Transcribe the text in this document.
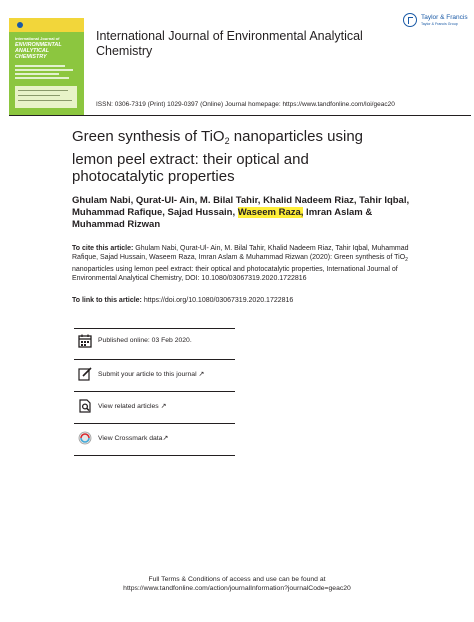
International Journal of
ENVIRONMENTAL
ANALYTICAL
CHEMISTRY
Taylor & Francis
Taylor & Francis Group
International Journal of Environmental Analytical Chemistry
ISSN: 0306-7319 (Print) 1029-0397 (Online) Journal homepage: https://www.tandfonline.com/loi/geac20
Green synthesis of TiO$_2$ nanoparticles using lemon peel extract: their optical and photocatalytic properties
Ghulam Nabi, Qurat-Ul- Ain, M. Bilal Tahir, Khalid Nadeem Riaz, Tahir Iqbal, Muhammad Rafique, Sajad Hussain, Waseem Raza, Imran Aslam & Muhammad Rizwan
To cite this article: Ghulam Nabi, Qurat-Ul- Ain, M. Bilal Tahir, Khalid Nadeem Riaz, Tahir Iqbal, Muhammad Rafique, Sajad Hussain, Waseem Raza, Imran Aslam & Muhammad Rizwan (2020): Green synthesis of TiO$_2$ nanoparticles using lemon peel extract: their optical and photocatalytic properties, International Journal of Environmental Analytical Chemistry, DOI: 10.1080/03067319.2020.1722816
To link to this article: https://doi.org/10.1080/03067319.2020.1722816
Published online: 03 Feb 2020.
Submit your article to this journal ↗
View related articles ↗
View Crossmark data↗
Full Terms & Conditions of access and use can be found at
https://www.tandfonline.com/action/journalInformation?journalCode=geac20
